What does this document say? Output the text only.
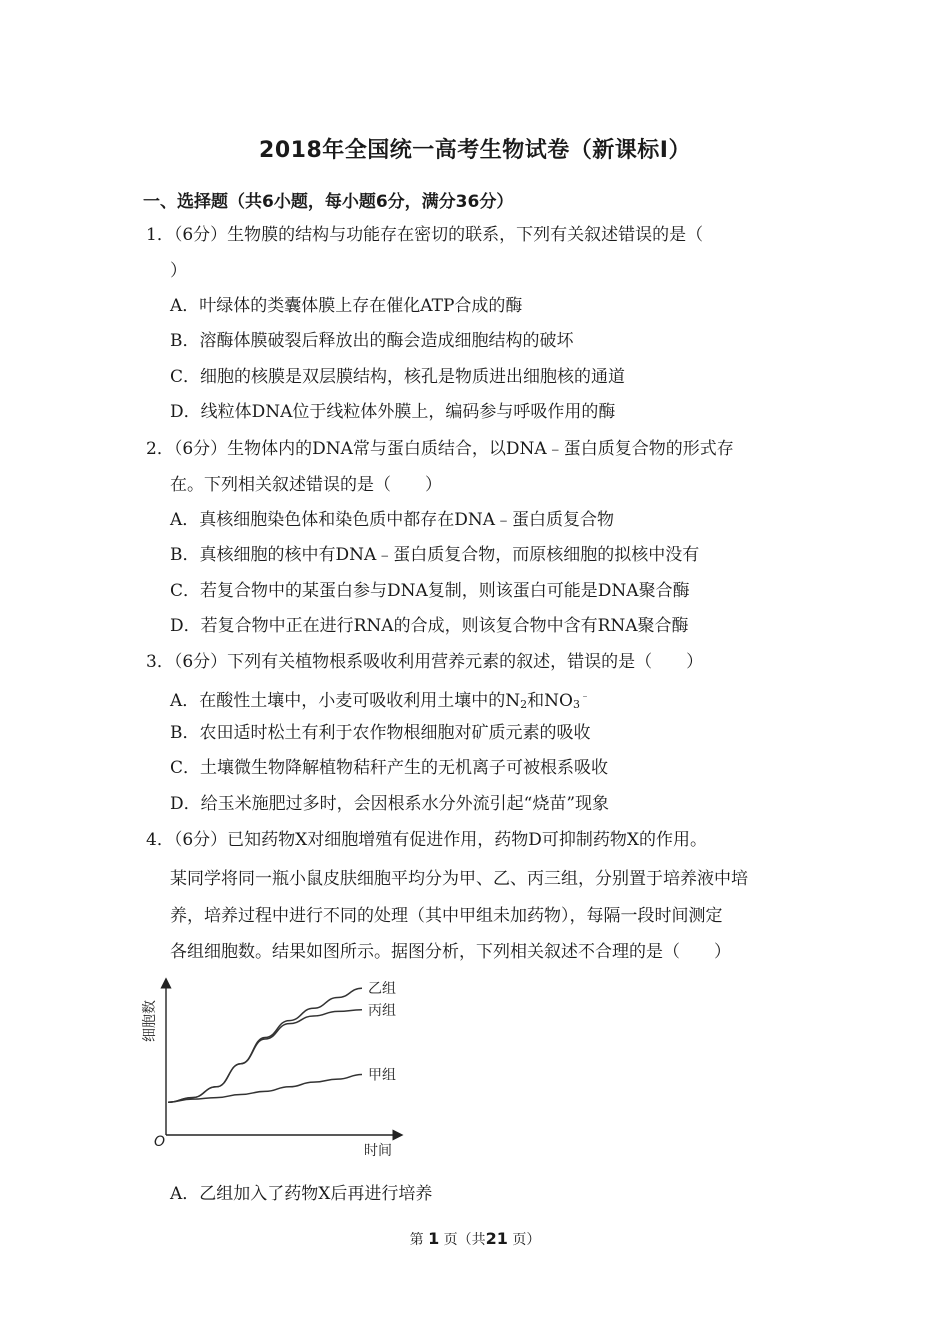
2018年全国统一高考生物试卷（新课标Ⅰ）
一、选择题（共6小题，每小题6分，满分36分）
1．（6分）生物膜的结构与功能存在密切的联系，下列有关叙述错误的是（
）
A．叶绿体的类囊体膜上存在催化ATP合成的酶
B．溶酶体膜破裂后释放出的酶会造成细胞结构的破坏
C．细胞的核膜是双层膜结构，核孔是物质进出细胞核的通道
D．线粒体DNA位于线粒体外膜上，编码参与呼吸作用的酶
2．（6分）生物体内的DNA常与蛋白质结合，以DNA﹣蛋白质复合物的形式存
在。下列相关叙述错误的是（　　）
A．真核细胞染色体和染色质中都存在DNA﹣蛋白质复合物
B．真核细胞的核中有DNA﹣蛋白质复合物，而原核细胞的拟核中没有
C．若复合物中的某蛋白参与DNA复制，则该蛋白可能是DNA聚合酶
D．若复合物中正在进行RNA的合成，则该复合物中含有RNA聚合酶
3．（6分）下列有关植物根系吸收利用营养元素的叙述，错误的是（　　）
A．在酸性土壤中，小麦可吸收利用土壤中的N2和NO3﹣
B．农田适时松土有利于农作物根细胞对矿质元素的吸收
C．土壤微生物降解植物秸秆产生的无机离子可被根系吸收
D．给玉米施肥过多时，会因根系水分外流引起“烧苗”现象
4．（6分）已知药物X对细胞增殖有促进作用，药物D可抑制药物X的作用。
某同学将同一瓶小鼠皮肤细胞平均分为甲、乙、丙三组，分别置于培养液中培
养，培养过程中进行不同的处理（其中甲组未加药物），每隔一段时间测定
各组细胞数。结果如图所示。据图分析，下列相关叙述不合理的是（　　）
细胞数
时间
O
乙组
丙组
甲组
A．乙组加入了药物X后再进行培养
第 1 页（共21 页）
